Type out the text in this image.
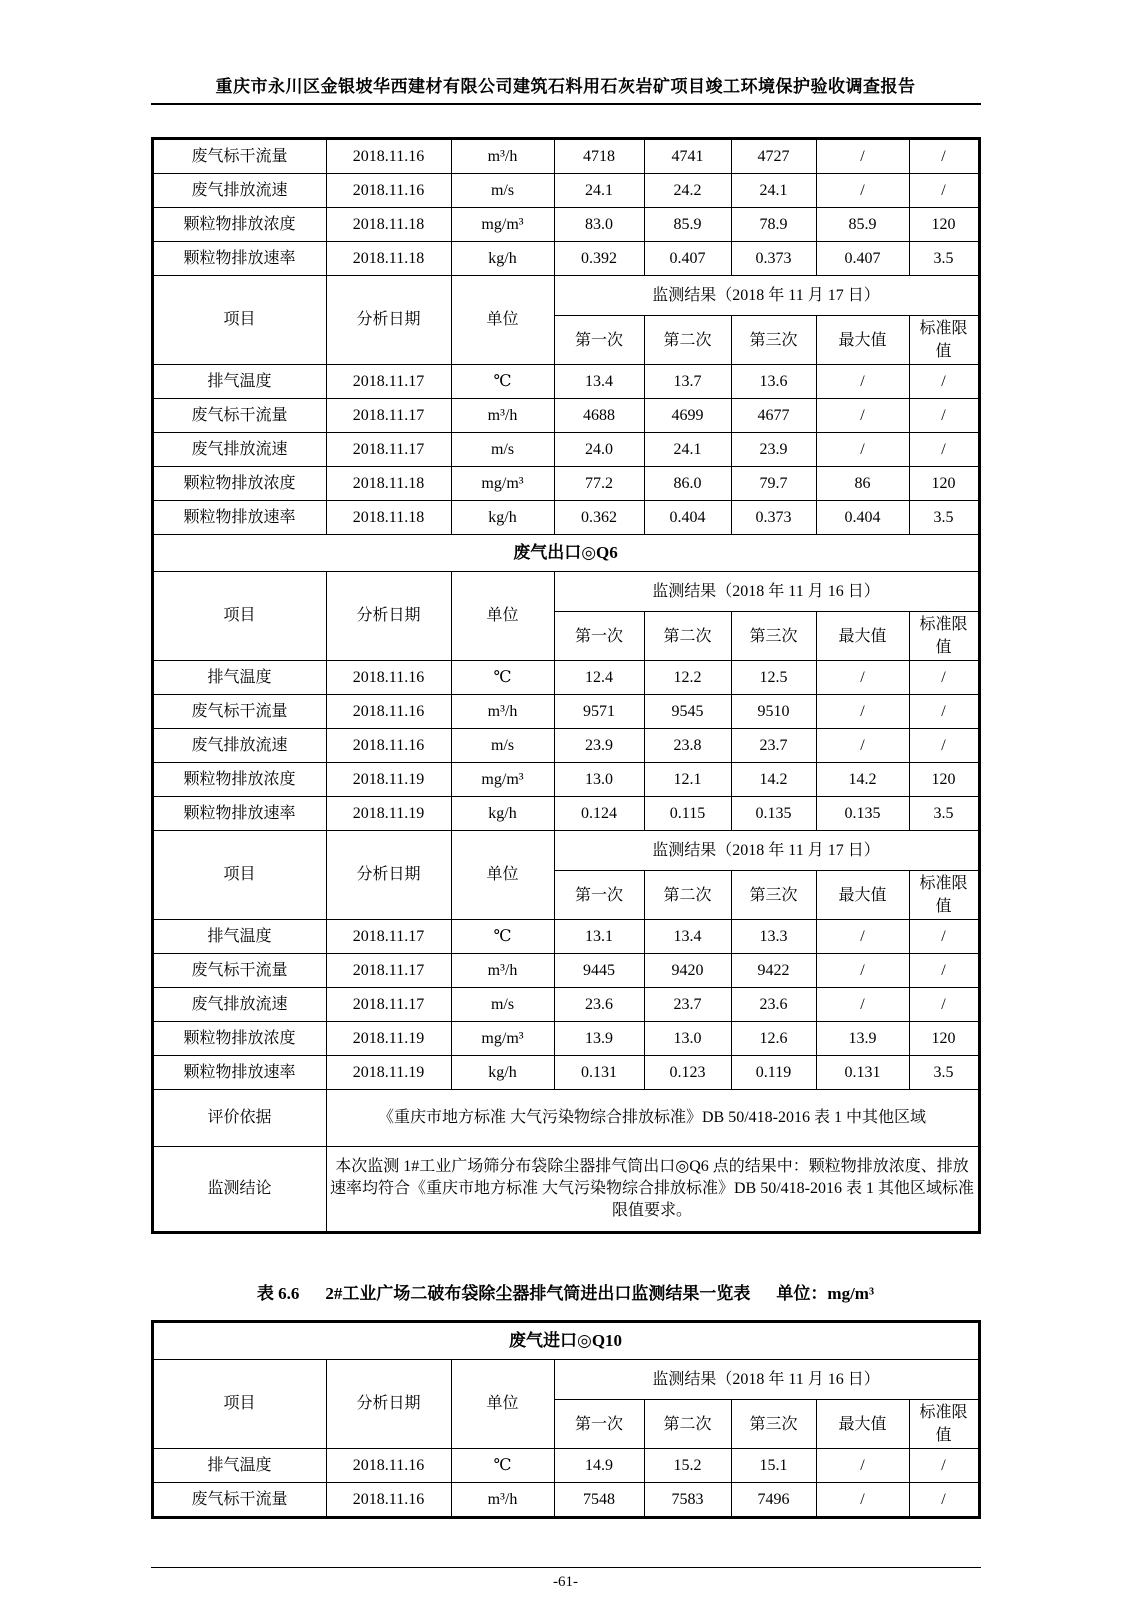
重庆市永川区金银坡华西建材有限公司建筑石料用石灰岩矿项目竣工环境保护验收调查报告
废气标干流量	2018.11.16	m³/h	4718	4741	4727	/	/
废气排放流速	2018.11.16	m/s	24.1	24.2	24.1	/	/
颗粒物排放浓度	2018.11.18	mg/m³	83.0	85.9	78.9	85.9	120
颗粒物排放速率	2018.11.18	kg/h	0.392	0.407	0.373	0.407	3.5
项目	分析日期	单位	监测结果（2018 年 11 月 17 日）				
			第一次	第二次	第三次	最大值	标准限值
排气温度	2018.11.17	℃	13.4	13.7	13.6	/	/
废气标干流量	2018.11.17	m³/h	4688	4699	4677	/	/
废气排放流速	2018.11.17	m/s	24.0	24.1	23.9	/	/
颗粒物排放浓度	2018.11.18	mg/m³	77.2	86.0	79.7	86	120
颗粒物排放速率	2018.11.18	kg/h	0.362	0.404	0.373	0.404	3.5
废气出口◎Q6							
项目	分析日期	单位	监测结果（2018 年 11 月 16 日）				
			第一次	第二次	第三次	最大值	标准限值
排气温度	2018.11.16	℃	12.4	12.2	12.5	/	/
废气标干流量	2018.11.16	m³/h	9571	9545	9510	/	/
废气排放流速	2018.11.16	m/s	23.9	23.8	23.7	/	/
颗粒物排放浓度	2018.11.19	mg/m³	13.0	12.1	14.2	14.2	120
颗粒物排放速率	2018.11.19	kg/h	0.124	0.115	0.135	0.135	3.5
项目	分析日期	单位	监测结果（2018 年 11 月 17 日）				
			第一次	第二次	第三次	最大值	标准限值
排气温度	2018.11.17	℃	13.1	13.4	13.3	/	/
废气标干流量	2018.11.17	m³/h	9445	9420	9422	/	/
废气排放流速	2018.11.17	m/s	23.6	23.7	23.6	/	/
颗粒物排放浓度	2018.11.19	mg/m³	13.9	13.0	12.6	13.9	120
颗粒物排放速率	2018.11.19	kg/h	0.131	0.123	0.119	0.131	3.5
评价依据	《重庆市地方标准 大气污染物综合排放标准》DB 50/418-2016 表 1 中其他区域						
监测结论	本次监测 1#工业广场筛分布袋除尘器排气筒出口◎Q6 点的结果中：颗粒物排放浓度、排放速率均符合《重庆市地方标准 大气污染物综合排放标准》DB 50/418-2016 表 1 其他区域标准限值要求。						
表 6.6 2#工业广场二破布袋除尘器排气筒进出口监测结果一览表 单位：mg/m³
废气进口◎Q10							
项目	分析日期	单位	监测结果（2018 年 11 月 16 日）				
			第一次	第二次	第三次	最大值	标准限值
排气温度	2018.11.16	℃	14.9	15.2	15.1	/	/
废气标干流量	2018.11.16	m³/h	7548	7583	7496	/	/
-61-
